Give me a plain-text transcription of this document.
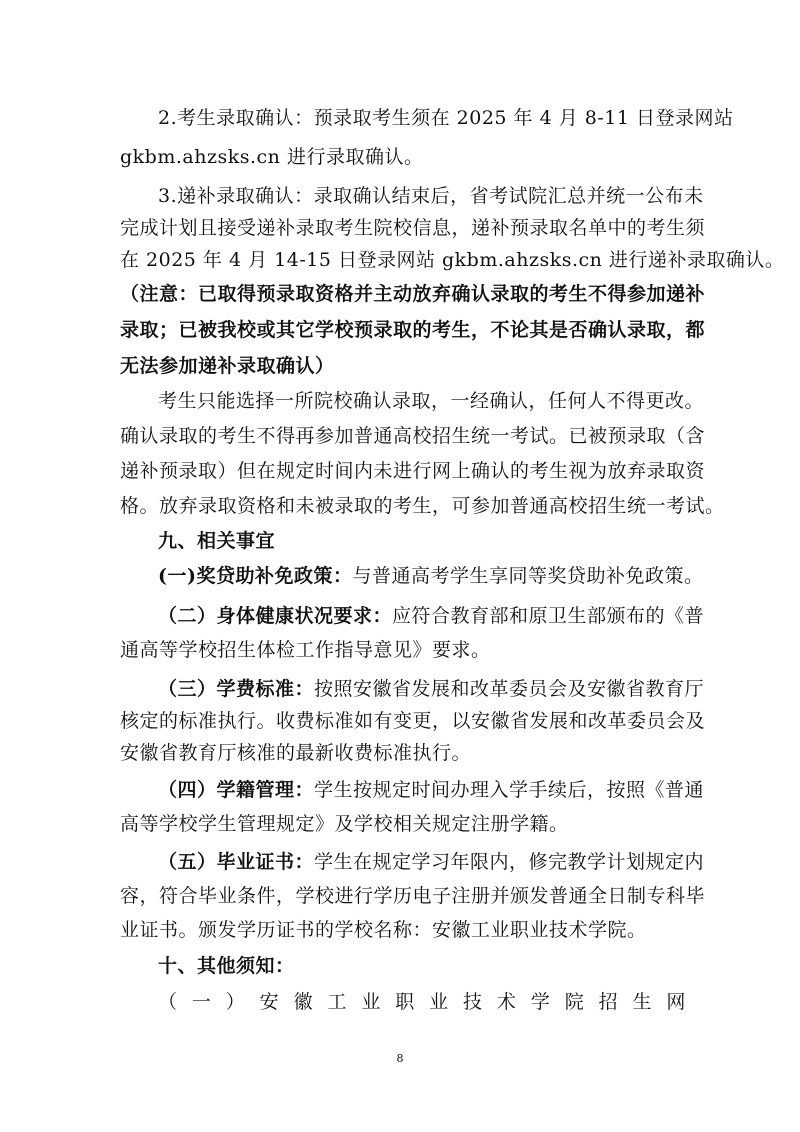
2.考生录取确认：预录取考生须在 2025 年 4 月 8-11 日登录网站
gkbm.ahzsks.cn 进行录取确认。
3.递补录取确认：录取确认结束后，省考试院汇总并统一公布未
完成计划且接受递补录取考生院校信息，递补预录取名单中的考生须
在 2025 年 4 月 14-15 日登录网站 gkbm.ahzsks.cn 进行递补录取确认。
（注意：已取得预录取资格并主动放弃确认录取的考生不得参加递补
录取；已被我校或其它学校预录取的考生，不论其是否确认录取，都
无法参加递补录取确认）
考生只能选择一所院校确认录取，一经确认，任何人不得更改。
确认录取的考生不得再参加普通高校招生统一考试。已被预录取（含
递补预录取）但在规定时间内未进行网上确认的考生视为放弃录取资
格。放弃录取资格和未被录取的考生，可参加普通高校招生统一考试。
九、相关事宜
(一)奖贷助补免政策：与普通高考学生享同等奖贷助补免政策。
（二）身体健康状况要求：应符合教育部和原卫生部颁布的《普
通高等学校招生体检工作指导意见》要求。
（三）学费标准：按照安徽省发展和改革委员会及安徽省教育厅
核定的标准执行。收费标准如有变更，以安徽省发展和改革委员会及
安徽省教育厅核准的最新收费标准执行。
（四）学籍管理：学生按规定时间办理入学手续后，按照《普通
高等学校学生管理规定》及学校相关规定注册学籍。
（五）毕业证书：学生在规定学习年限内，修完教学计划规定内
容，符合毕业条件，学校进行学历电子注册并颁发普通全日制专科毕
业证书。颁发学历证书的学校名称：安徽工业职业技术学院。
十、其他须知：
（ 一 ） 安 徽 工 业 职 业 技 术 学 院 招 生 网
8
